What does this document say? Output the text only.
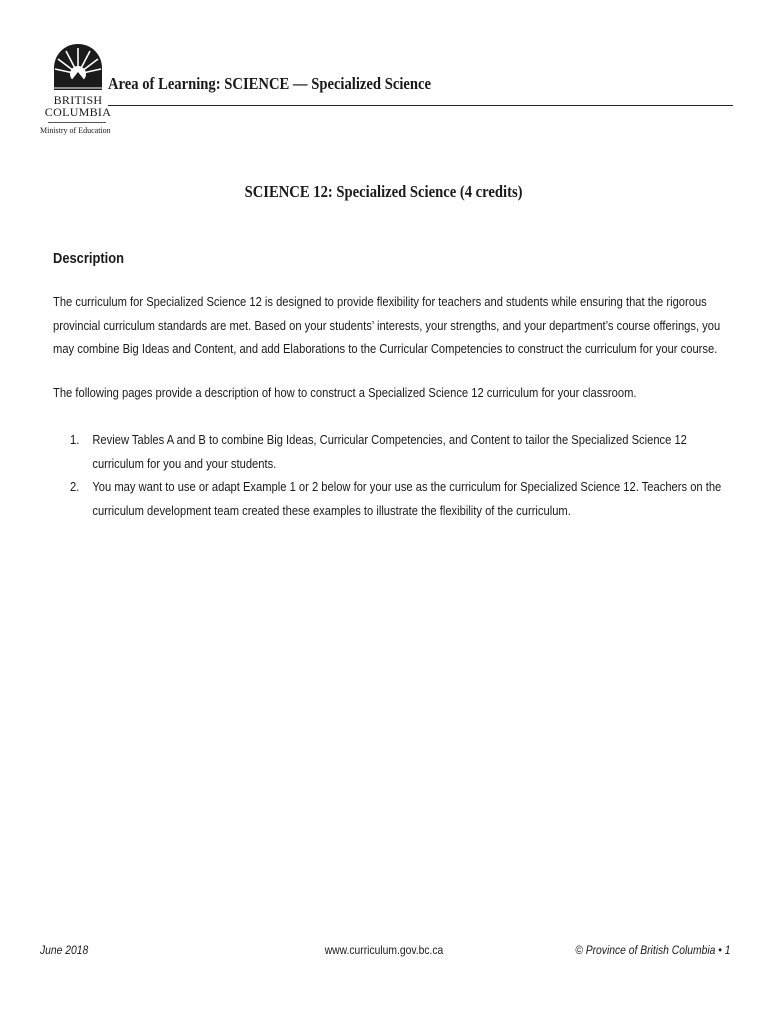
BRITISH
COLUMBIA
Ministry of Education
Area of Learning: SCIENCE — Specialized Science
SCIENCE 12: Specialized Science (4 credits)
Description

The curriculum for Specialized Science 12 is designed to provide flexibility for teachers and students while ensuring that the rigorous provincial curriculum standards are met. Based on your students’ interests, your strengths, and your department’s course offerings, you may combine Big Ideas and Content, and add Elaborations to the Curricular Competencies to construct the curriculum for your course.

The following pages provide a description of how to construct a Specialized Science 12 curriculum for your classroom.

1. Review Tables A and B to combine Big Ideas, Curricular Competencies, and Content to tailor the Specialized Science 12 curriculum for you and your students.
2. You may want to use or adapt Example 1 or 2 below for your use as the curriculum for Specialized Science 12. Teachers on the curriculum development team created these examples to illustrate the flexibility of the curriculum.
June 2018	www.curriculum.gov.bc.ca	© Province of British Columbia • 1
